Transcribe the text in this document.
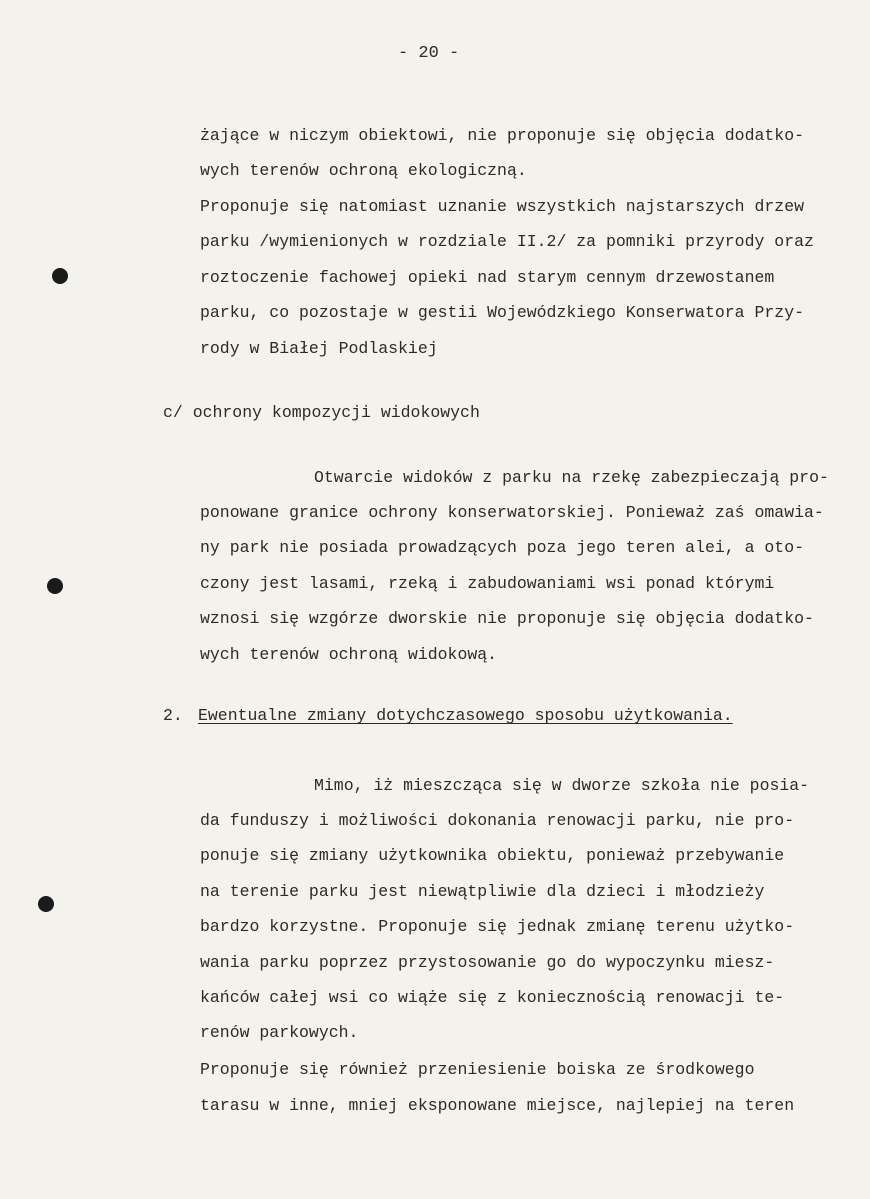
- 20 -
żające w niczym obiektowi, nie proponuje się objęcia dodatko-
wych terenów ochroną ekologiczną.
Proponuje się natomiast uznanie wszystkich najstarszych drzew
parku /wymienionych w rozdziale II.2/ za pomniki przyrody oraz
roztoczenie fachowej opieki nad starym cennym drzewostanem
parku, co pozostaje w gestii Wojewódzkiego Konserwatora Przy-
rody w Białej Podlaskiej
c/ ochrony kompozycji widokowych
Otwarcie widoków z parku na rzekę zabezpieczają pro-
ponowane granice ochrony konserwatorskiej. Ponieważ zaś omawia-
ny park nie posiada prowadzących poza jego teren alei, a oto-
czony jest lasami, rzeką i zabudowaniami wsi ponad którymi
wznosi się wzgórze dworskie nie proponuje się objęcia dodatko-
wych terenów ochroną widokową.
2. Ewentualne zmiany dotychczasowego sposobu użytkowania.
Mimo, iż mieszcząca się w dworze szkoła nie posia-
da funduszy i możliwości dokonania renowacji parku, nie pro-
ponuje się zmiany użytkownika obiektu, ponieważ przebywanie
na terenie parku jest niewątpliwie dla dzieci i młodzieży
bardzo korzystne. Proponuje się jednak zmianę terenu użytko-
wania parku poprzez przystosowanie go do wypoczynku miesz-
kańców całej wsi co wiąże się z koniecznością renowacji te-
renów parkowych.
Proponuje się również przeniesienie boiska ze środkowego
tarasu w inne, mniej eksponowane miejsce, najlepiej na teren
